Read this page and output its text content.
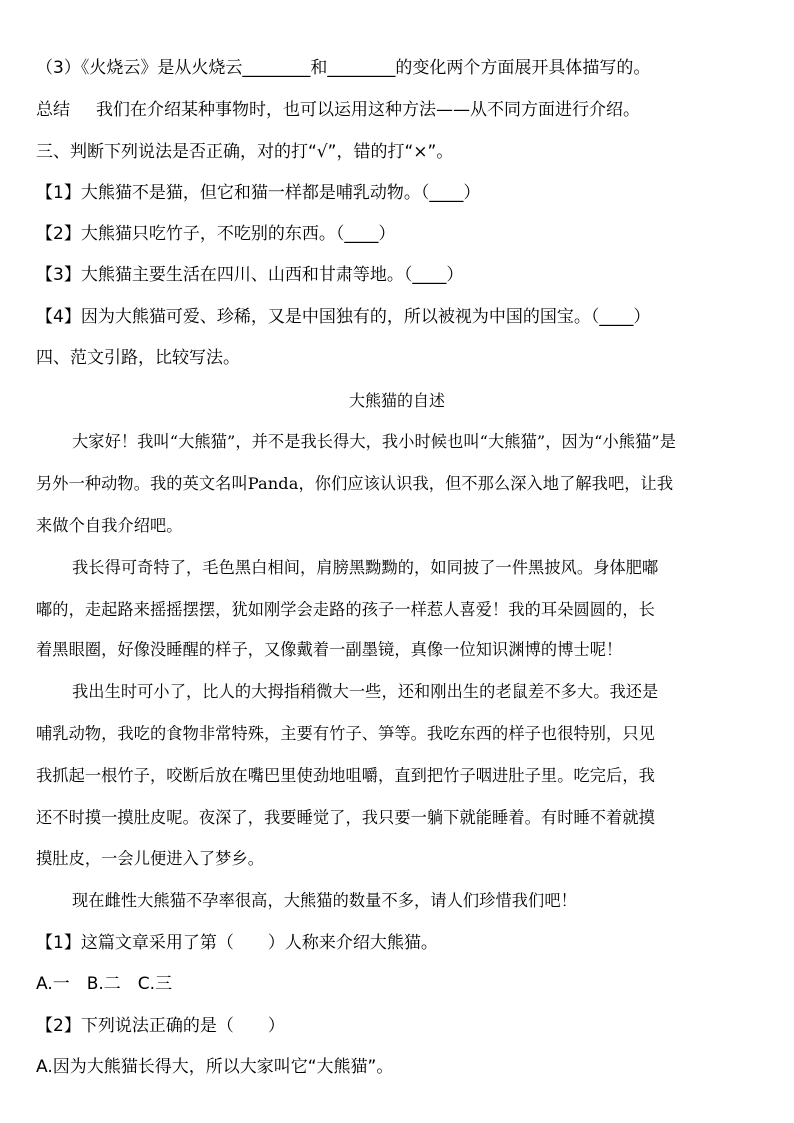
（3）《火烧云》是从火烧云________和________的变化两个方面展开具体描写的。
总结 我们在介绍某种事物时，也可以运用这种方法——从不同方面进行介绍。
三、判断下列说法是否正确，对的打“√”，错的打“×”。
【1】大熊猫不是猫，但它和猫一样都是哺乳动物。（____）
【2】大熊猫只吃竹子，不吃别的东西。（____）
【3】大熊猫主要生活在四川、山西和甘肃等地。（____）
【4】因为大熊猫可爱、珍稀，又是中国独有的，所以被视为中国的国宝。（____）
四、范文引路，比较写法。
大熊猫的自述
大家好！我叫“大熊猫”，并不是我长得大，我小时候也叫“大熊猫”，因为“小熊猫”是
另外一种动物。我的英文名叫Panda，你们应该认识我，但不那么深入地了解我吧，让我
来做个自我介绍吧。
我长得可奇特了，毛色黑白相间，肩膀黑黝黝的，如同披了一件黑披风。身体肥嘟
嘟的，走起路来摇摇摆摆，犹如刚学会走路的孩子一样惹人喜爱！我的耳朵圆圆的，长
着黑眼圈，好像没睡醒的样子，又像戴着一副墨镜，真像一位知识渊博的博士呢！
我出生时可小了，比人的大拇指稍微大一些，还和刚出生的老鼠差不多大。我还是
哺乳动物，我吃的食物非常特殊，主要有竹子、笋等。我吃东西的样子也很特别，只见
我抓起一根竹子，咬断后放在嘴巴里使劲地咀嚼，直到把竹子咽进肚子里。吃完后，我
还不时摸一摸肚皮呢。夜深了，我要睡觉了，我只要一躺下就能睡着。有时睡不着就摸
摸肚皮，一会儿便进入了梦乡。
现在雌性大熊猫不孕率很高，大熊猫的数量不多，请人们珍惜我们吧！
【1】这篇文章采用了第（　　）人称来介绍大熊猫。
A.一　B.二　C.三
【2】下列说法正确的是（　　）
A.因为大熊猫长得大，所以大家叫它“大熊猫”。
